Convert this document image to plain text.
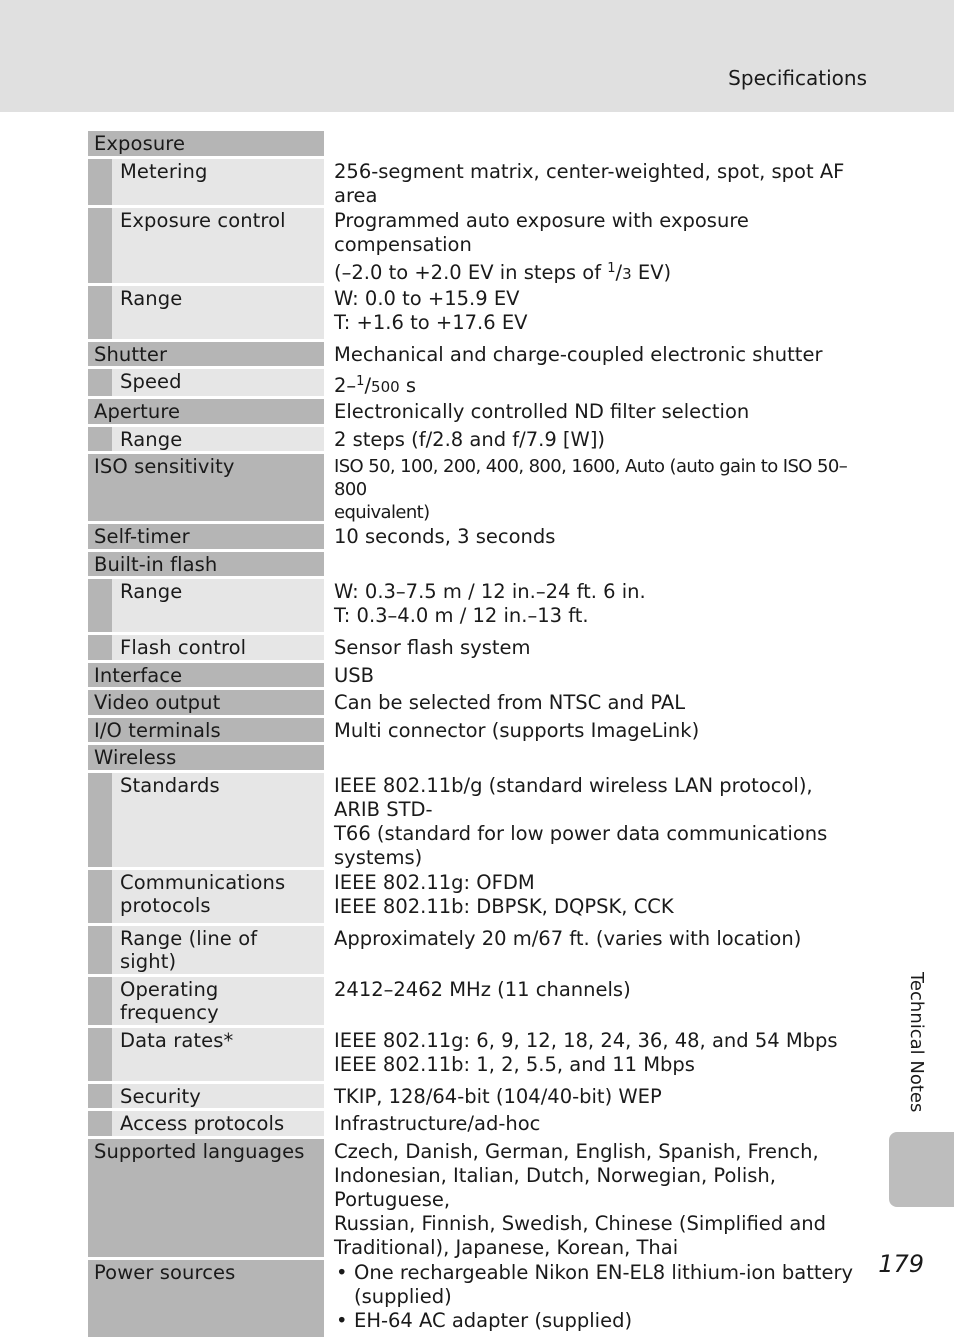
Specifications
Exposure
Metering	256-segment matrix, center-weighted, spot, spot AF area
Exposure control	Programmed auto exposure with exposure compensation
(–2.0 to +2.0 EV in steps of $^1$/3 EV)
Range	W: 0.0 to +15.9 EV
T: +1.6 to +17.6 EV
Shutter	Mechanical and charge-coupled electronic shutter
Speed	2–$^1$/500 s
Aperture	Electronically controlled ND filter selection
Range	2 steps (f/2.8 and f/7.9 [W])
ISO sensitivity	ISO 50, 100, 200, 400, 800, 1600, Auto (auto gain to ISO 50–800
equivalent)
Self-timer	10 seconds, 3 seconds
Built-in flash
Range	W: 0.3–7.5 m / 12 in.–24 ft. 6 in.
T: 0.3–4.0 m / 12 in.–13 ft.
Flash control	Sensor flash system
Interface	USB
Video output	Can be selected from NTSC and PAL
I/O terminals	Multi connector (supports ImageLink)
Wireless
Standards	IEEE 802.11b/g (standard wireless LAN protocol), ARIB STD-
T66 (standard for low power data communications systems)
Communications protocols
IEEE 802.11g: OFDM
IEEE 802.11b: DBPSK, DQPSK, CCK
Range (line of sight)
Approximately 20 m/67 ft. (varies with location)
Operating frequency
2412–2462 MHz (11 channels)
Data rates*	IEEE 802.11g: 6, 9, 12, 18, 24, 36, 48, and 54 Mbps
IEEE 802.11b: 1, 2, 5.5, and 11 Mbps
Security	TKIP, 128/64-bit (104/40-bit) WEP
Access protocols	Infrastructure/ad-hoc
Supported languages	Czech, Danish, German, English, Spanish, French,
Indonesian, Italian, Dutch, Norwegian, Polish, Portuguese,
Russian, Finnish, Swedish, Chinese (Simplified and
Traditional), Japanese, Korean, Thai
Power sources
•	One rechargeable Nikon EN-EL8 lithium-ion battery (supplied)
• EH-64 AC adapter (supplied)
Technical Notes
179
